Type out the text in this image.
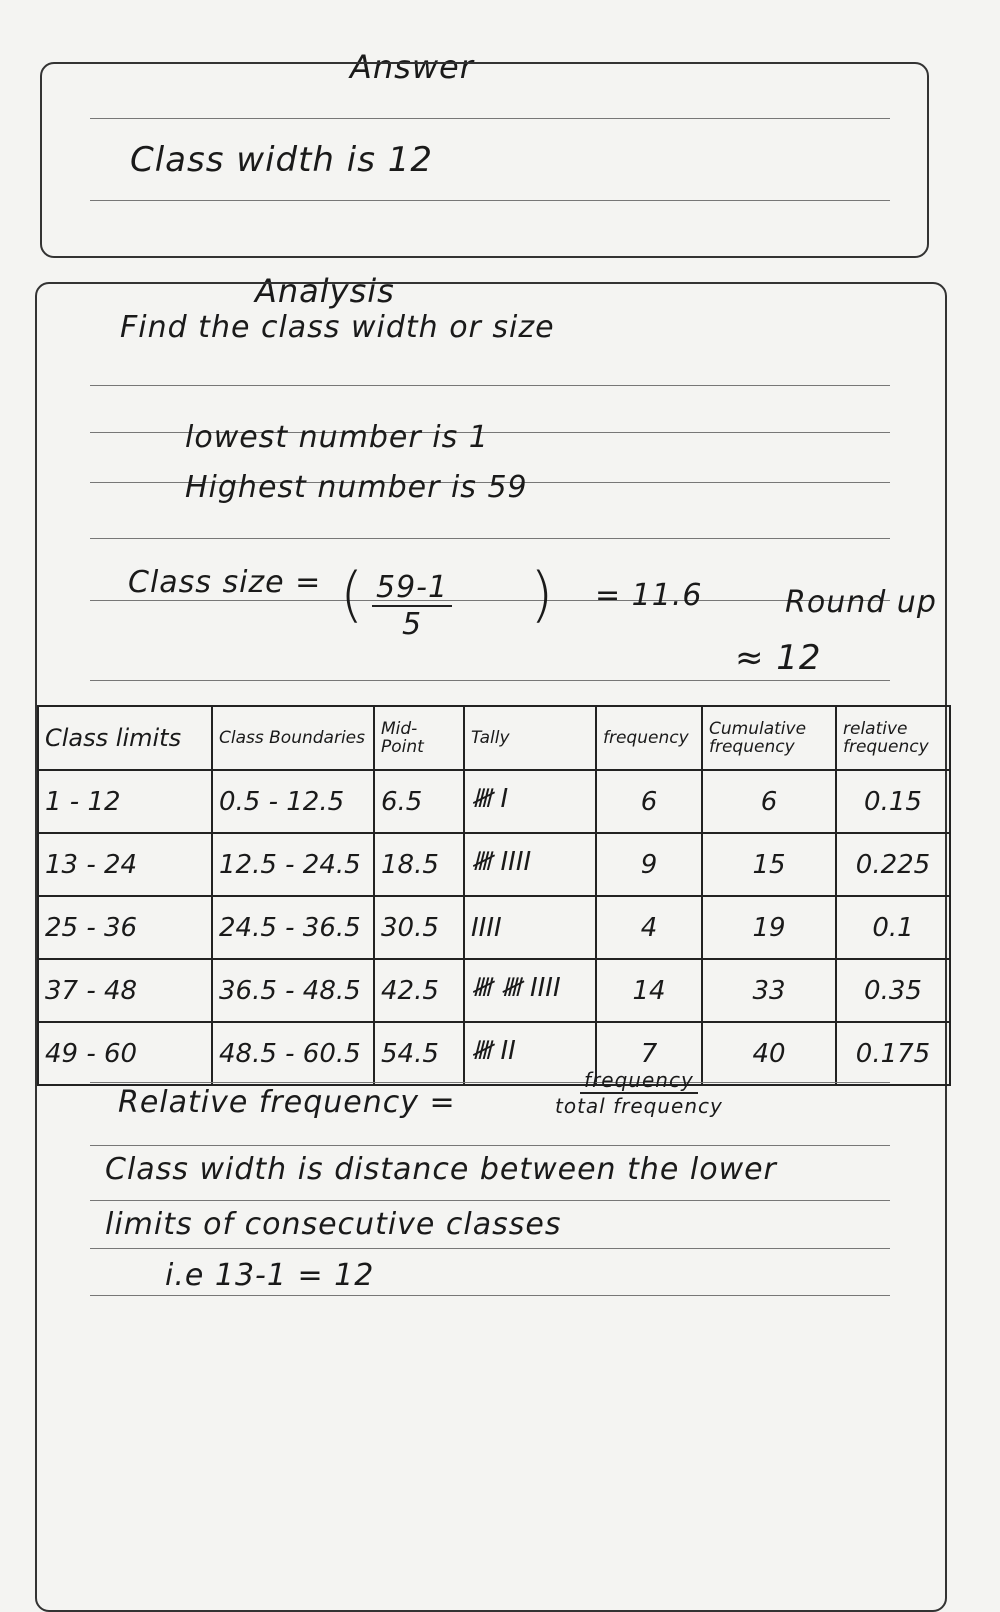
Answer
Class width is 12
Analysis
Find the class width or size
lowest number is 1
Highest number is 59
Class size = ( $\frac{59-1}{5}$ ) = 11.6	Round up
≈ 12
Class limits	Class Boundaries	Mid-Point	Tally	frequency	Cumulative frequency	relative frequency
1 - 12	0.5 - 12.5	6.5	𝍸 I	6	6	0.15
13 - 24	12.5 - 24.5	18.5	𝍸 IIII	9	15	0.225
25 - 36	24.5 - 36.5	30.5	IIII	4	19	0.1
37 - 48	36.5 - 48.5	42.5	𝍸 𝍸 IIII	14	33	0.35
49 - 60	48.5 - 60.5	54.5	𝍸 II	7	40	0.175
Relative frequency =	$\frac{\text{frequency}}{\text{total frequency}}$
Class width is distance between the lower
limits of consecutive classes
i.e 13-1 = 12
